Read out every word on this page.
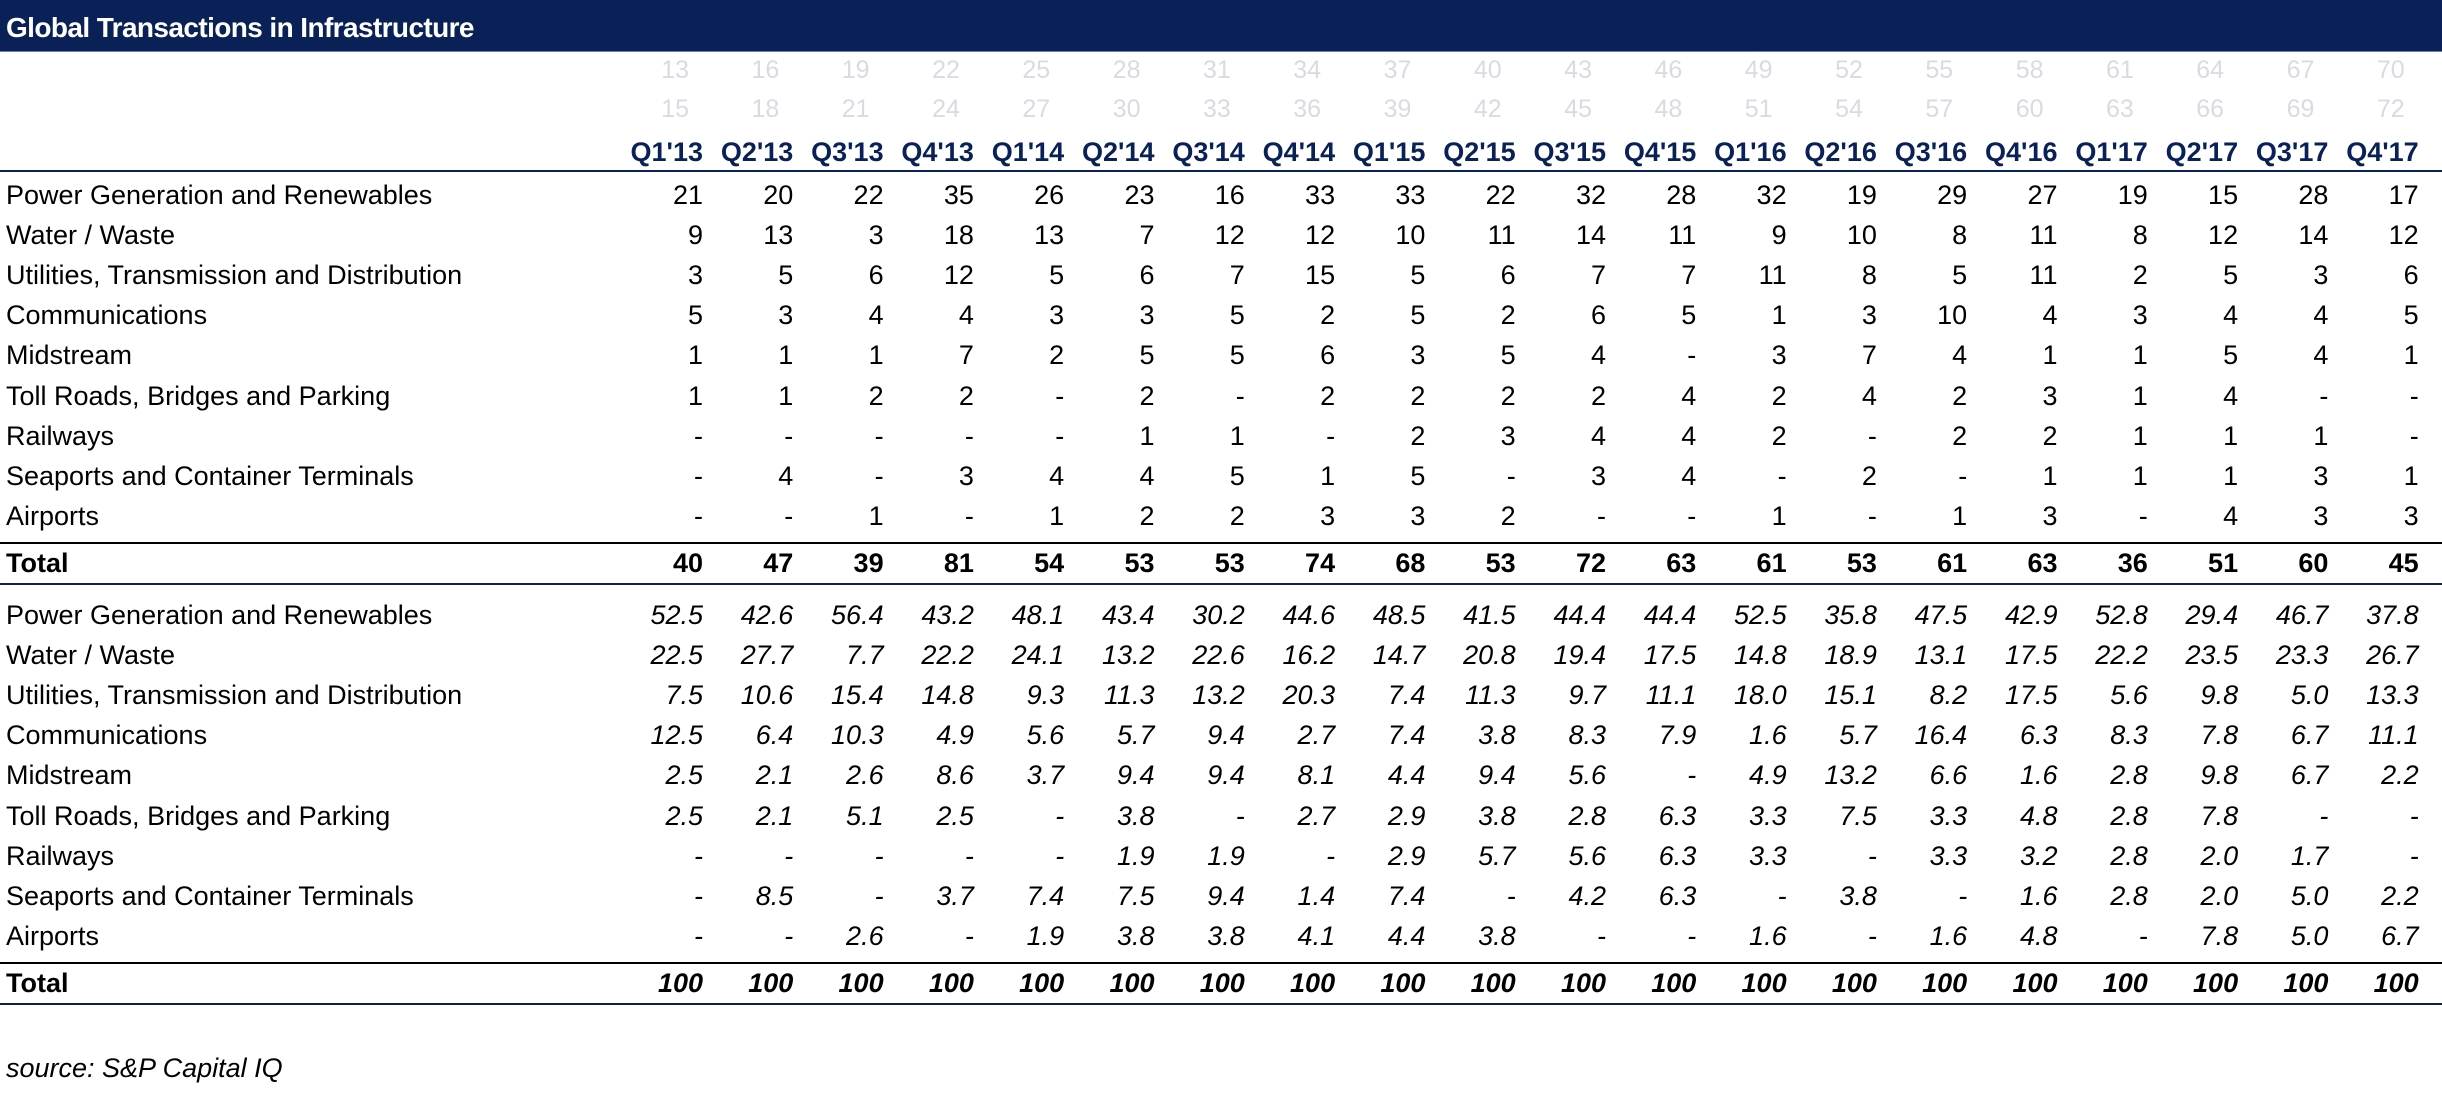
Global Transactions in Infrastructure
13 16 19 22 25	28 31 34 37 40	43 46 49 52 55	58 61 64 67 70
15 18 21 24 27	30 33 36 39 42	45 48 51 54 57	60 63 66 69 72
Q1'13 Q2'13 Q3'13 Q4'13 Q1'14 Q2'14 Q3'14 Q4'14 Q1'15 Q2'15 Q3'15 Q4'15 Q1'16 Q2'16 Q3'16 Q4'16 Q1'17 Q2'17 Q3'17 Q4'17
Power Generation and Renewables	21 20 22 35 26 23 16 33 33 22 32 28 32 19 29 27 19 15 28 17
Water / Waste	9 13	3 18 13	7 12 12 10 11 14 11	9 10	8 11	8 12 14 12
Utilities, Transmission and Distribution	3	5	6 12	5	6	7 15	5	6	7	7 11	8	5 11	2	5	3	6
Communications	5	3	4	4	3	3	5	2	5	2	6	5	1	3 10	4	3	4	4	5
Midstream	1	1	1	7	2	5	5	6	3	5	4	-	3	7	4	1	1	5	4	1
Toll Roads, Bridges and Parking	1	1	2	2	-	2	-	2	2	2	2	4	2	4	2	3	1	4	-	-
Railways	-	-	-	-	-	1	1	-	2	3	4	4	2	-	2	2	1	1	1	-
Seaports and Container Terminals	-	4	-	3	4	4	5	1	5	-	3	4	-	2	-	1	1	1	3	1
Airports	-	-	1	-	1	2	2	3	3	2	-	-	1	-	1	3	-	4	3	3
Total	40 47 39 81 54 53 53 74 68 53 72 63 61 53 61 63 36 51 60 45
Power Generation and Renewables	52.5 42.6 56.4 43.2 48.1 43.4 30.2 44.6 48.5 41.5 44.4 44.4 52.5 35.8 47.5 42.9 52.8 29.4 46.7 37.8
Water / Waste	22.5 27.7 7.7 22.2 24.1 13.2 22.6 16.2 14.7 20.8 19.4 17.5 14.8 18.9 13.1 17.5 22.2 23.5 23.3 26.7
Utilities, Transmission and Distribution	7.5 10.6 15.4 14.8 9.3 11.3 13.2 20.3 7.4 11.3 9.7 11.1 18.0 15.1 8.2 17.5 5.6 9.8 5.0 13.3
Communications	12.5 6.4 10.3 4.9 5.6 5.7 9.4 2.7 7.4 3.8 8.3 7.9 1.6 5.7 16.4 6.3 8.3 7.8 6.7 11.1
Midstream	2.5 2.1 2.6 8.6 3.7 9.4 9.4 8.1 4.4 9.4 5.6	- 4.9 13.2 6.6 1.6 2.8 9.8 6.7 2.2
Toll Roads, Bridges and Parking	2.5 2.1 5.1 2.5	- 3.8	- 2.7 2.9 3.8 2.8 6.3 3.3 7.5 3.3 4.8 2.8 7.8	-	-
Railways	-	-	-	-	- 1.9 1.9	- 2.9 5.7 5.6 6.3 3.3	- 3.3 3.2 2.8 2.0 1.7	-
Seaports and Container Terminals	- 8.5	- 3.7 7.4 7.5 9.4 1.4 7.4	- 4.2 6.3	- 3.8	- 1.6 2.8 2.0 5.0 2.2
Airports	-	- 2.6	- 1.9 3.8 3.8 4.1 4.4 3.8	-	- 1.6	- 1.6 4.8	- 7.8 5.0 6.7
Total	100 100 100 100 100 100 100 100 100 100 100 100 100 100 100 100 100 100 100 100
source: S&P Capital IQ
